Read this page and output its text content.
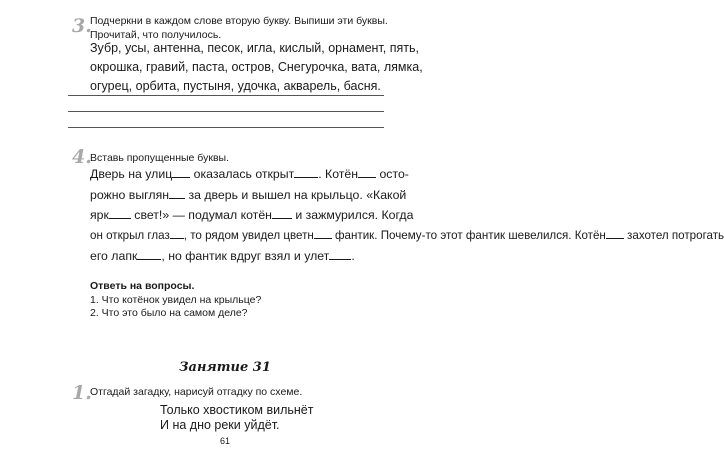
3.
Подчеркни в каждом слове вторую букву. Выпиши эти буквы. Прочитай, что получилось.
Зубр, усы, антенна, песок, игла, кислый, орнамент, пять,
окрошка, гравий, паста, остров, Снегурочка, вата, лямка,
огурец, орбита, пустыня, удочка, акварель, басня.
4.
Вставь пропущенные буквы.
Дверь на улиц оказалась открыт . Котён осто-
рожно выглян за дверь и вышел на крыльцо. «Какой
ярк свет!» — подумал котён и зажмурился. Когда
он открыл глаз , то рядом увидел цветн фантик. Почему-то этот фантик шевелился. Котён захотел потрогать
его лапк , но фантик вдруг взял и улет .
Ответь на вопросы.
1. Что котёнок увидел на крыльце?
2. Что это было на самом деле?
Занятие 31
1.
Отгадай загадку, нарисуй отгадку по схеме.
Только хвостиком вильнёт
И на дно реки уйдёт.
61
